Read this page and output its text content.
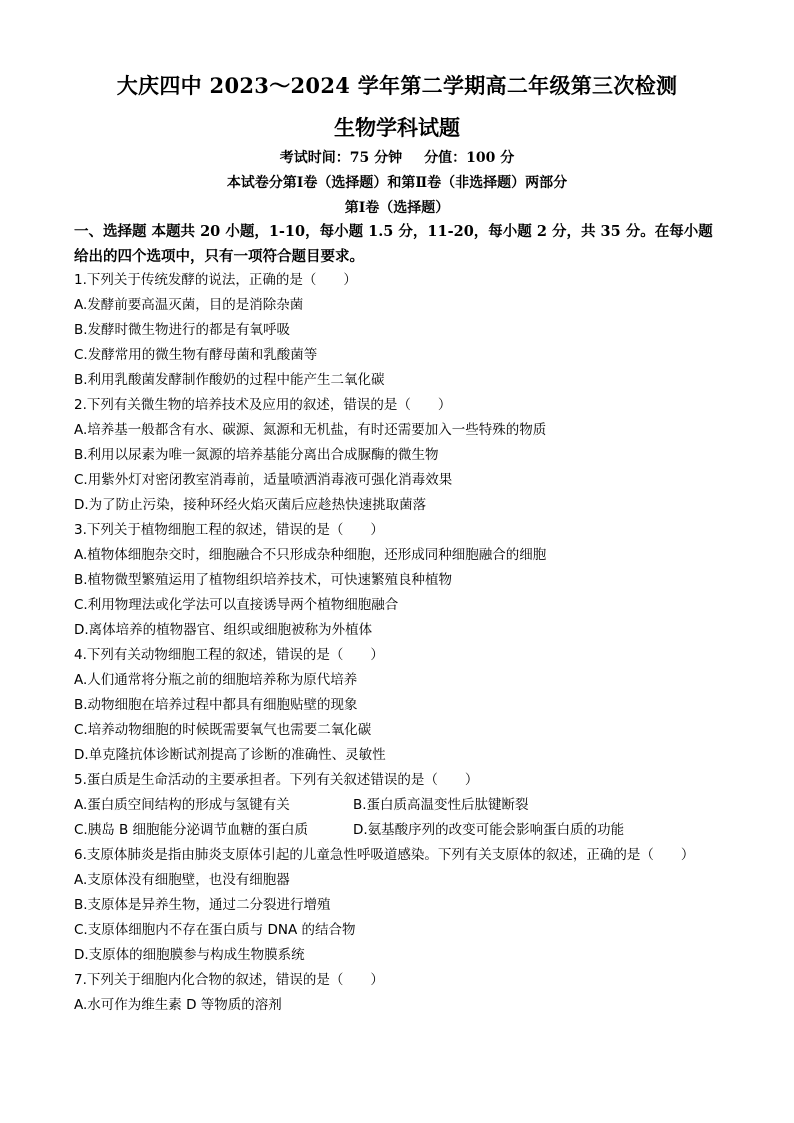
大庆四中 2023～2024 学年第二学期高二年级第三次检测
生物学科试题
考试时间：75 分钟 分值：100 分
本试卷分第Ⅰ卷（选择题）和第Ⅱ卷（非选择题）两部分
第Ⅰ卷（选择题）
一、选择题 本题共 20 小题，1-10，每小题 1.5 分，11-20，每小题 2 分，共 35 分。在每小题给出的四个选项中，只有一项符合题目要求。
1.下列关于传统发酵的说法，正确的是（　　）
A.发酵前要高温灭菌，目的是消除杂菌
B.发酵时微生物进行的都是有氧呼吸
C.发酵常用的微生物有酵母菌和乳酸菌等
B.利用乳酸菌发酵制作酸奶的过程中能产生二氧化碳
2.下列有关微生物的培养技术及应用的叙述，错误的是（　　）
A.培养基一般都含有水、碳源、氮源和无机盐，有时还需要加入一些特殊的物质
B.利用以尿素为唯一氮源的培养基能分离出合成脲酶的微生物
C.用紫外灯对密闭教室消毒前，适量喷洒消毒液可强化消毒效果
D.为了防止污染，接种环经火焰灭菌后应趁热快速挑取菌落
3.下列关于植物细胞工程的叙述，错误的是（　　）
A.植物体细胞杂交时，细胞融合不只形成杂种细胞，还形成同种细胞融合的细胞
B.植物微型繁殖运用了植物组织培养技术，可快速繁殖良种植物
C.利用物理法或化学法可以直接诱导两个植物细胞融合
D.离体培养的植物器官、组织或细胞被称为外植体
4.下列有关动物细胞工程的叙述，错误的是（　　）
A.人们通常将分瓶之前的细胞培养称为原代培养
B.动物细胞在培养过程中都具有细胞贴壁的现象
C.培养动物细胞的时候既需要氧气也需要二氧化碳
D.单克隆抗体诊断试剂提高了诊断的准确性、灵敏性
5.蛋白质是生命活动的主要承担者。下列有关叙述错误的是（　　）
A.蛋白质空间结构的形成与氢键有关	B.蛋白质高温变性后肽键断裂
C.胰岛 B 细胞能分泌调节血糖的蛋白质	D.氨基酸序列的改变可能会影响蛋白质的功能
6.支原体肺炎是指由肺炎支原体引起的儿童急性呼吸道感染。下列有关支原体的叙述，正确的是（　　）
A.支原体没有细胞壁，也没有细胞器
B.支原体是异养生物，通过二分裂进行增殖
C.支原体细胞内不存在蛋白质与 DNA 的结合物
D.支原体的细胞膜参与构成生物膜系统
7.下列关于细胞内化合物的叙述，错误的是（　　）
A.水可作为维生素 D 等物质的溶剂
